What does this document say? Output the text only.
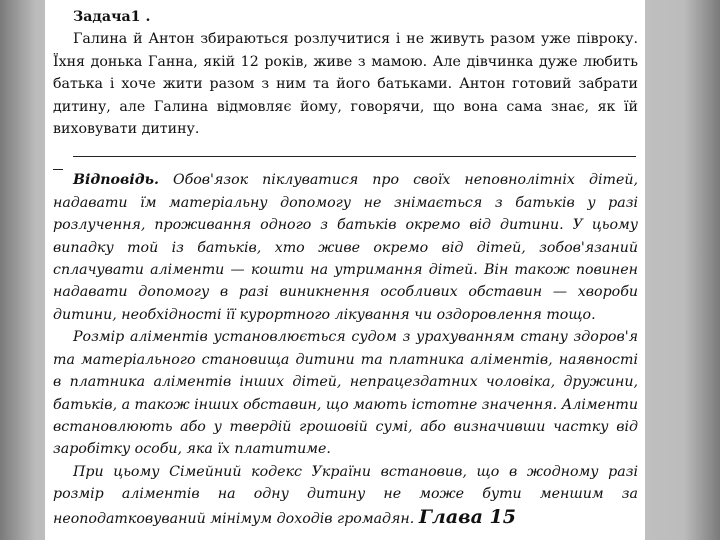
Задача1 .

Галина й Антон збираються розлучитися і не живуть разом уже півроку. Їхня донька Ганна, якій 12 років, живе з мамою. Але дівчинка дуже любить батька і хоче жити разом з ним та його батьками. Антон готовий забрати дитину, але Галина відмовляє йому, говорячи, що вона сама знає, як їй виховувати дитину.

Відповідь. Обов'язок піклуватися про своїх неповнолітніх дітей, надавати їм матеріальну допомогу не знімається з батьків у разі розлучення, проживання одного з батьків окремо від дитини. У цьому випадку той із батьків, хто живе окремо від дітей, зобов'язаний сплачувати аліменти — кошти на утримання дітей. Він також повинен надавати допомогу в разі виникнення особливих обставин — хвороби дитини, необхідності її курортного лікування чи оздоровлення тощо.

Розмір аліментів установлюється судом з урахуванням стану здоров'я та матеріального становища дитини та платника аліментів, наявності в платника аліментів інших дітей, непрацездатних чоловіка, дружини, батьків, а також інших обставин, що мають істотне значення. Аліменти встановлюють або у твердій грошовій сумі, або визначивши частку від заробітку особи, яка їх платитиме.

При цьому Сімейний кодекс України встановив, що в жодному разі розмір аліментів на одну дитину не може бути меншим за неоподатковуваний мінімум доходів громадян. Глава 15
